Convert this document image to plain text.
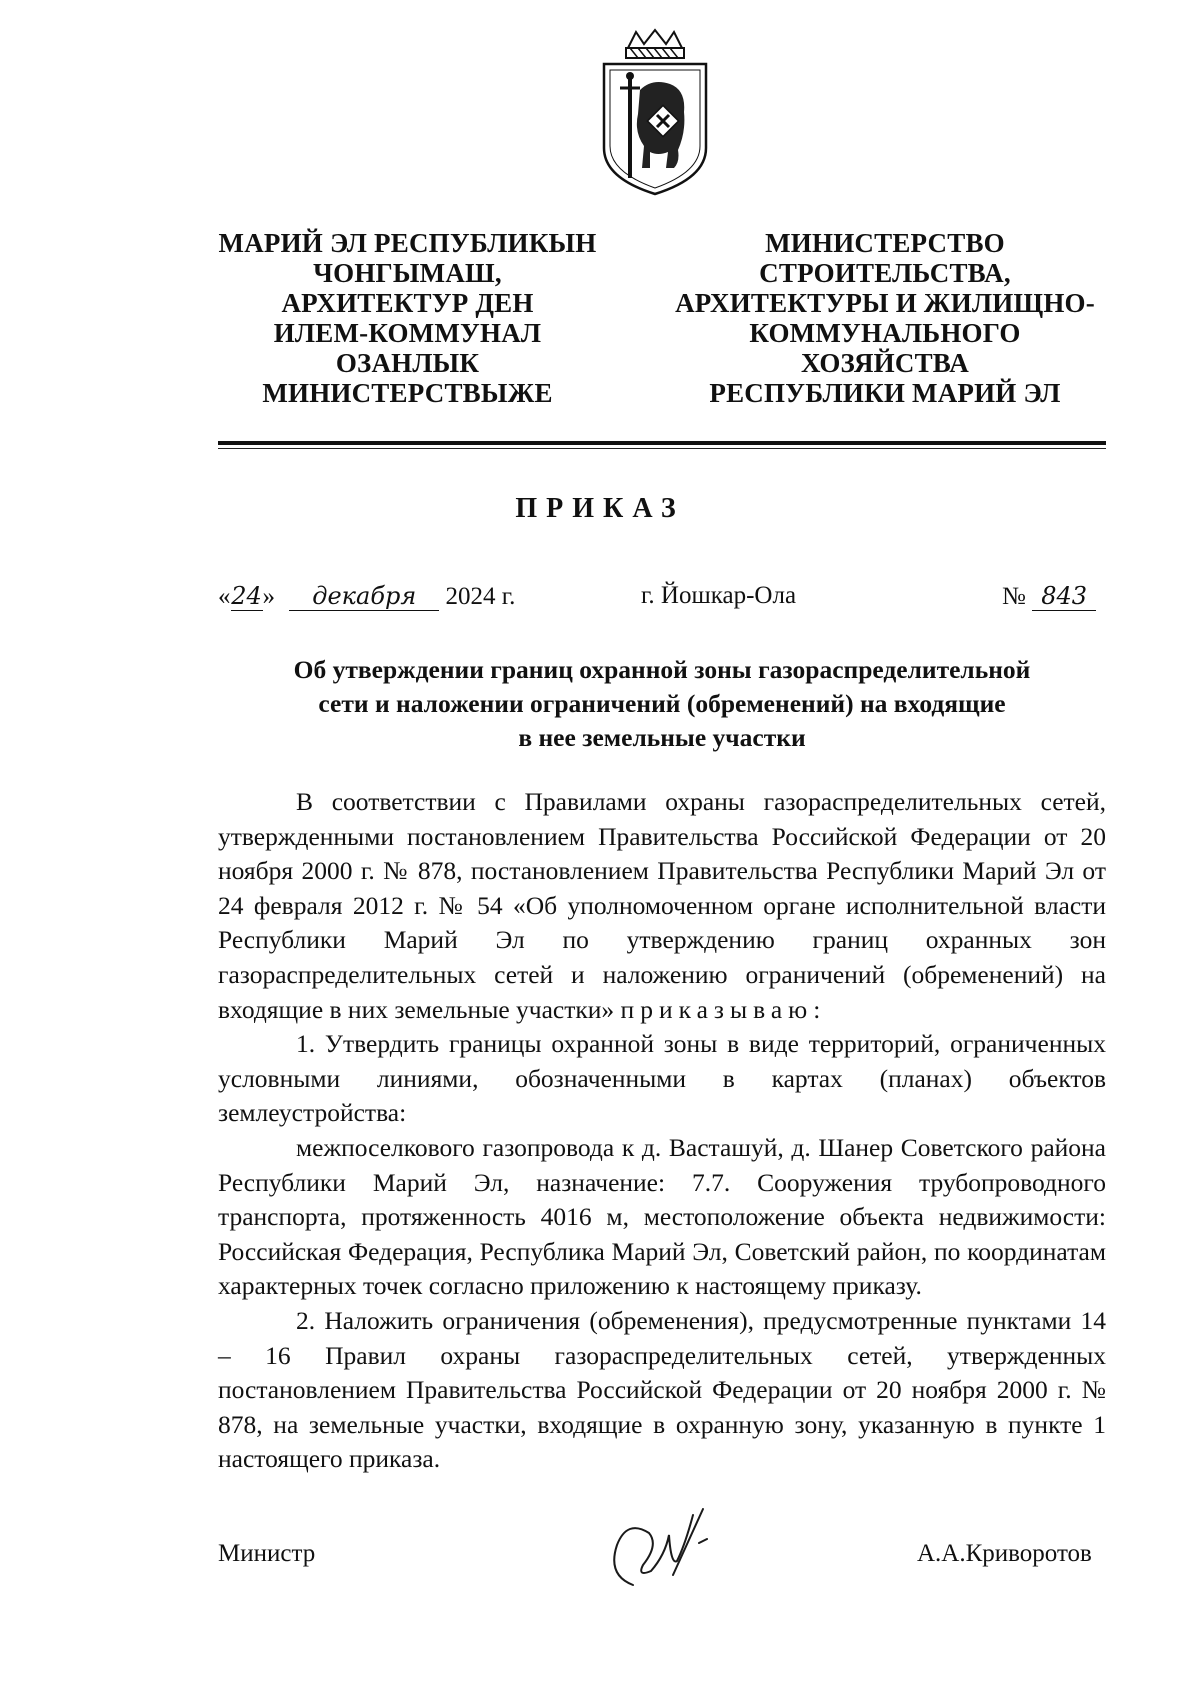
МАРИЙ ЭЛ РЕСПУБЛИКЫН
ЧОНГЫМАШ,
АРХИТЕКТУР ДЕН
ИЛЕМ-КОММУНАЛ
ОЗАНЛЫК
МИНИСТЕРСТВЫЖЕ
МИНИСТЕРСТВО
СТРОИТЕЛЬСТВА,
АРХИТЕКТУРЫ И ЖИЛИЩНО-
КОММУНАЛЬНОГО
ХОЗЯЙСТВА
РЕСПУБЛИКИ МАРИЙ ЭЛ
ПРИКАЗ
«24» декабря 2024 г.	г. Йошкар-Ола	№ 843
Об утверждении границ охранной зоны газораспределительной
сети и наложении ограничений (обременений) на входящие
в нее земельные участки

В соответствии с Правилами охраны газораспределительных сетей, утвержденными постановлением Правительства Российской Федерации от 20 ноября 2000 г. № 878, постановлением Правительства Республики Марий Эл от 24 февраля 2012 г. № 54 «Об уполномоченном органе исполнительной власти Республики Марий Эл по утверждению границ охранных зон газораспределительных сетей и наложению ограничений (обременений) на входящие в них земельные участки» приказываю:

1. Утвердить границы охранной зоны в виде территорий, ограниченных условными линиями, обозначенными в картах (планах) объектов землеустройства:

межпоселкового газопровода к д. Васташуй, д. Шанер Советского района Республики Марий Эл, назначение: 7.7. Сооружения трубопроводного транспорта, протяженность 4016 м, местоположение объекта недвижимости: Российская Федерация, Республика Марий Эл, Советский район, по координатам характерных точек согласно приложению к настоящему приказу.

2. Наложить ограничения (обременения), предусмотренные пунктами 14 – 16 Правил охраны газораспределительных сетей, утвержденных постановлением Правительства Российской Федерации от 20 ноября 2000 г. № 878, на земельные участки, входящие в охранную зону, указанную в пункте 1 настоящего приказа.

Министр	А.А.Криворотов
